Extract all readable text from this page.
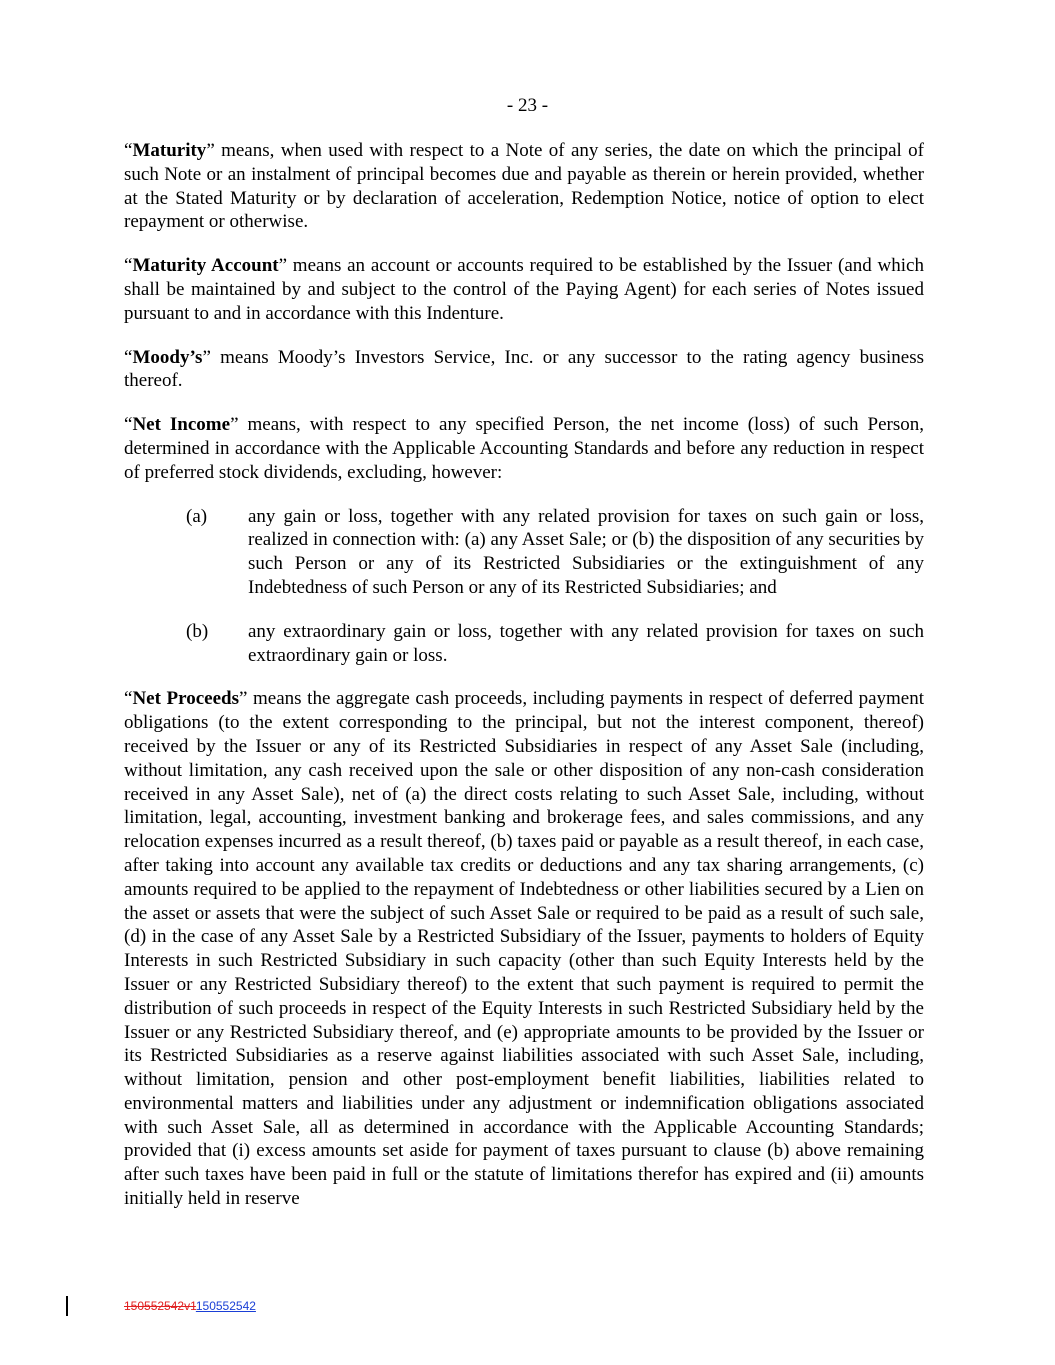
- 23 -

“Maturity” means, when used with respect to a Note of any series, the date on which the principal of such Note or an instalment of principal becomes due and payable as therein or herein provided, whether at the Stated Maturity or by declaration of acceleration, Redemption Notice, notice of option to elect repayment or otherwise.

“Maturity Account” means an account or accounts required to be established by the Issuer (and which shall be maintained by and subject to the control of the Paying Agent) for each series of Notes issued pursuant to and in accordance with this Indenture.

“Moody’s” means Moody’s Investors Service, Inc. or any successor to the rating agency business thereof.

“Net Income” means, with respect to any specified Person, the net income (loss) of such Person, determined in accordance with the Applicable Accounting Standards and before any reduction in respect of preferred stock dividends, excluding, however:

(a)	any gain or loss, together with any related provision for taxes on such gain or loss, realized in connection with: (a) any Asset Sale; or (b) the disposition of any securities by such Person or any of its Restricted Subsidiaries or the extinguishment of any Indebtedness of such Person or any of its Restricted Subsidiaries; and
(b)	any extraordinary gain or loss, together with any related provision for taxes on such extraordinary gain or loss.

“Net Proceeds” means the aggregate cash proceeds, including payments in respect of deferred payment obligations (to the extent corresponding to the principal, but not the interest component, thereof) received by the Issuer or any of its Restricted Subsidiaries in respect of any Asset Sale (including, without limitation, any cash received upon the sale or other disposition of any non-cash consideration received in any Asset Sale), net of (a) the direct costs relating to such Asset Sale, including, without limitation, legal, accounting, investment banking and brokerage fees, and sales commissions, and any relocation expenses incurred as a result thereof, (b) taxes paid or payable as a result thereof, in each case, after taking into account any available tax credits or deductions and any tax sharing arrangements, (c) amounts required to be applied to the repayment of Indebtedness or other liabilities secured by a Lien on the asset or assets that were the subject of such Asset Sale or required to be paid as a result of such sale, (d) in the case of any Asset Sale by a Restricted Subsidiary of the Issuer, payments to holders of Equity Interests in such Restricted Subsidiary in such capacity (other than such Equity Interests held by the Issuer or any Restricted Subsidiary thereof) to the extent that such payment is required to permit the distribution of such proceeds in respect of the Equity Interests in such Restricted Subsidiary held by the Issuer or any Restricted Subsidiary thereof, and (e) appropriate amounts to be provided by the Issuer or its Restricted Subsidiaries as a reserve against liabilities associated with such Asset Sale, including, without limitation, pension and other post-employment benefit liabilities, liabilities related to environmental matters and liabilities under any adjustment or indemnification obligations associated with such Asset Sale, all as determined in accordance with the Applicable Accounting Standards; provided that (i) excess amounts set aside for payment of taxes pursuant to clause (b) above remaining after such taxes have been paid in full or the statute of limitations therefor has expired and (ii) amounts initially held in reserve

150552542v1150552542
